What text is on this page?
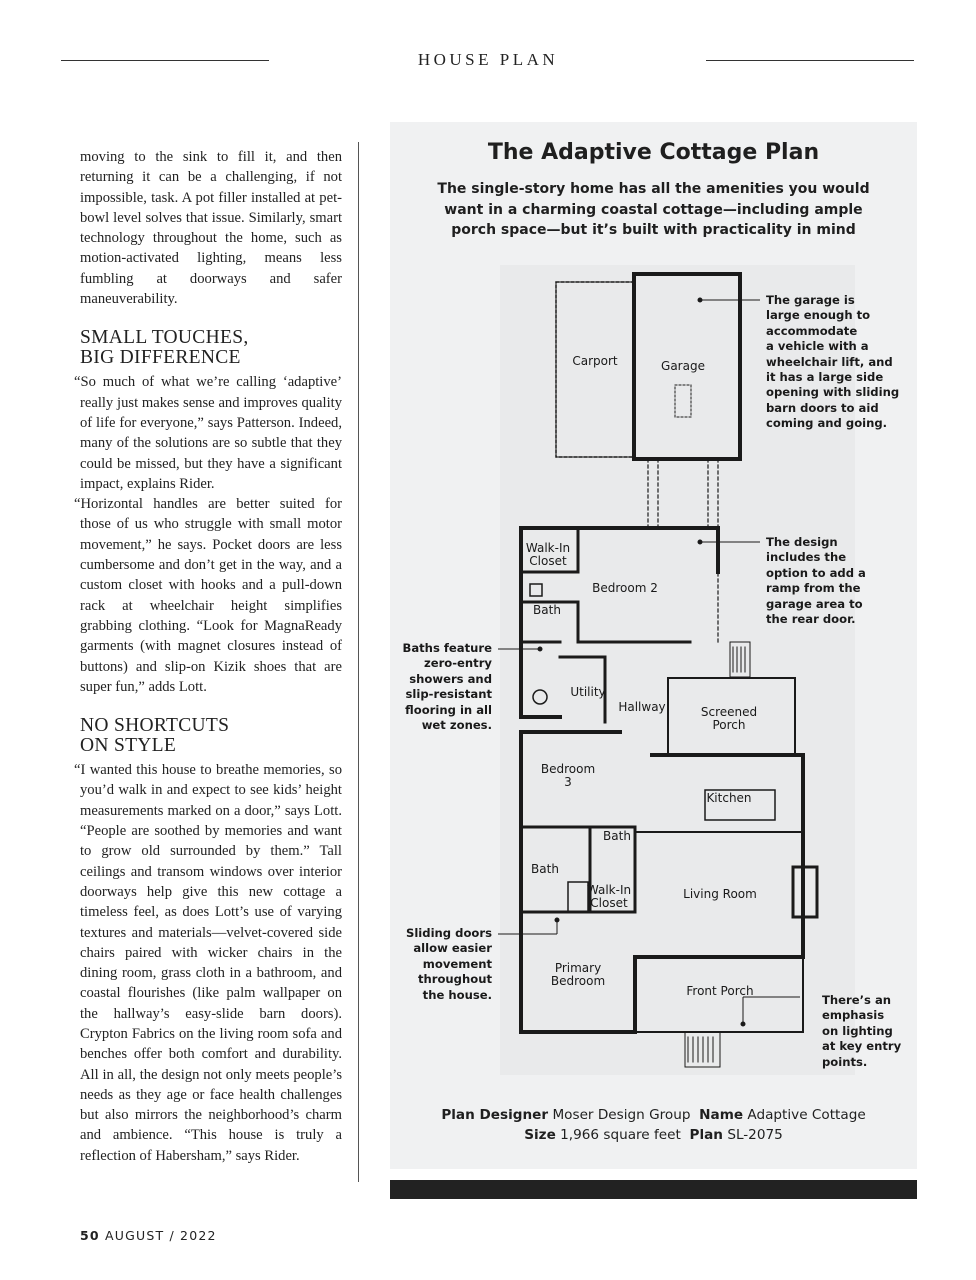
HOUSE PLAN

moving to the sink to fill it, and then returning it can be a challenging, if not impossible, task. A pot filler installed at pet-bowl level solves that issue. Similarly, smart technology throughout the home, such as motion-activated lighting, means less fumbling at doorways and safer maneuverability.

SMALL TOUCHES,
BIG DIFFERENCE

“So much of what we’re calling ‘adaptive’ really just makes sense and improves quality of life for everyone,” says Patterson. Indeed, many of the solutions are so subtle that they could be missed, but they have a significant impact, explains Rider.

“Horizontal handles are better suited for those of us who struggle with small motor movement,” he says. Pocket doors are less cumbersome and don’t get in the way, and a custom closet with hooks and a pull-down rack at wheelchair height simplifies grabbing clothing. “Look for MagnaReady garments (with magnet closures instead of buttons) and slip-on Kizik shoes that are super fun,” adds Lott.

NO SHORTCUTS
ON STYLE

“I wanted this house to breathe memories, so you’d walk in and expect to see kids’ height measurements marked on a door,” says Lott. “People are soothed by memories and want to grow old surrounded by them.” Tall ceilings and transom windows over interior doorways help give this new cottage a timeless feel, as does Lott’s use of varying textures and materials—velvet-covered side chairs paired with wicker chairs in the dining room, grass cloth in a bathroom, and coastal flourishes (like palm wallpaper on the hallway’s easy-slide barn doors). Crypton Fabrics on the living room sofa and benches offer both comfort and durability. All in all, the design not only meets people’s needs as they age or face health challenges but also mirrors the neighborhood’s charm and ambience. “This house is truly a reflection of Habersham,” says Rider.

The Adaptive Cottage Plan
The single-story home has all the amenities you would want in a charming coastal cottage—including ample porch space—but it’s built with practicality in mind
Carport	Garage
Walk-In
Closet
Bedroom 2
Bath
Utility
Hallway	Screened
Porch
Bedroom
3
Kitchen
Bath
Bath
Walk-In
Closet
Living Room
Primary
Bedroom
Front Porch
The garage is
large enough to
accommodate
a vehicle with a
wheelchair lift, and
it has a large side
opening with sliding
barn doors to aid
coming and going.
The design
includes the
option to add a
ramp from the
garage area to
the rear door.
Baths feature
zero-entry
showers and
slip-resistant
flooring in all
wet zones.
Sliding doors
allow easier
movement
throughout
the house.	There’s an
emphasis
on lighting
at key entry
points.
Plan Designer Moser Design Group Name Adaptive Cottage
Size 1,966 square feet Plan SL-2075
50 AUGUST / 2022
